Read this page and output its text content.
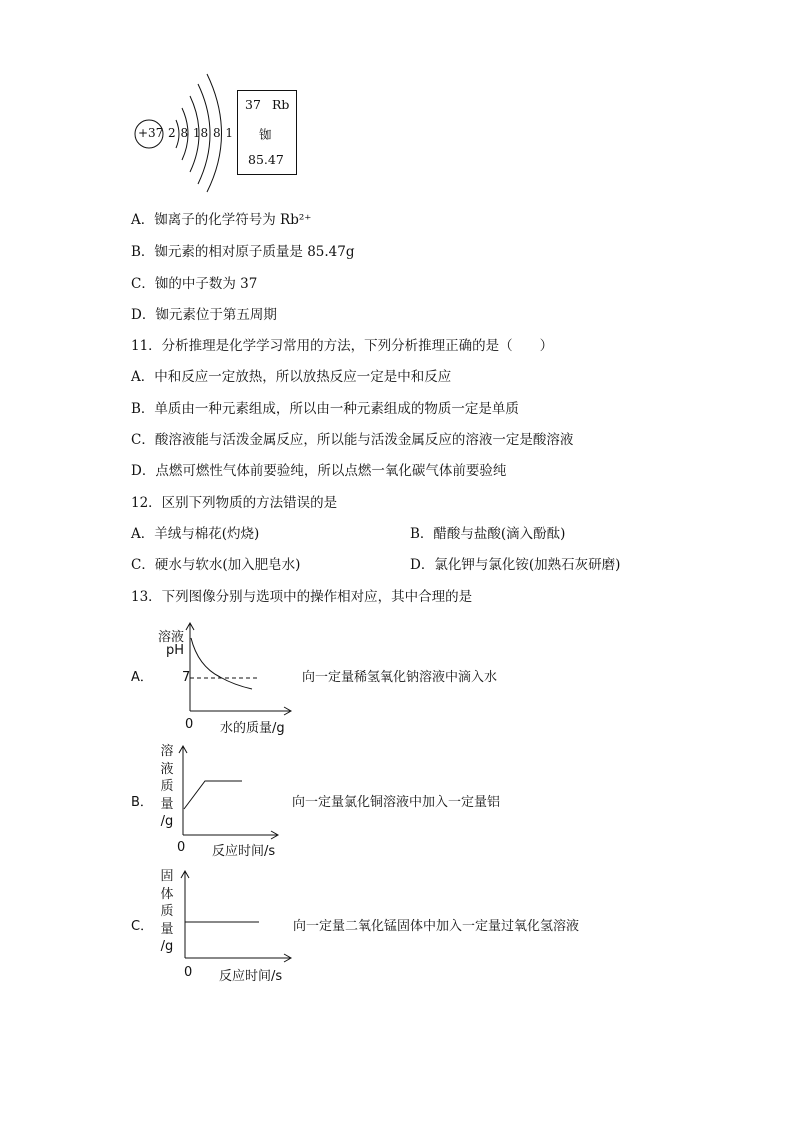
+37 2 8 18 8 1
37 Rb
铷
85.47
A．铷离子的化学符号为 Rb²⁺
B．铷元素的相对原子质量是 85.47g
C．铷的中子数为 37
D．铷元素位于第五周期
11．分析推理是化学学习常用的方法，下列分析推理正确的是（　　）
A．中和反应一定放热，所以放热反应一定是中和反应
B．单质由一种元素组成，所以由一种元素组成的物质一定是单质
C．酸溶液能与活泼金属反应，所以能与活泼金属反应的溶液一定是酸溶液
D．点燃可燃性气体前要验纯，所以点燃一氧化碳气体前要验纯
12．区别下列物质的方法错误的是
A．羊绒与棉花(灼烧)	B．醋酸与盐酸(滴入酚酞)
C．硬水与软水(加入肥皂水)	D．氯化钾与氯化铵(加熟石灰研磨)
13．下列图像分别与选项中的操作相对应，其中合理的是
A．
溶液
pH
7
0 水的质量/g
向一定量稀氢氧化钠溶液中滴入水
B．
溶
液
质
量
/g
0 反应时间/s
向一定量氯化铜溶液中加入一定量铝
C．
固
体
质
量
/g
0 反应时间/s
向一定量二氧化锰固体中加入一定量过氧化氢溶液
